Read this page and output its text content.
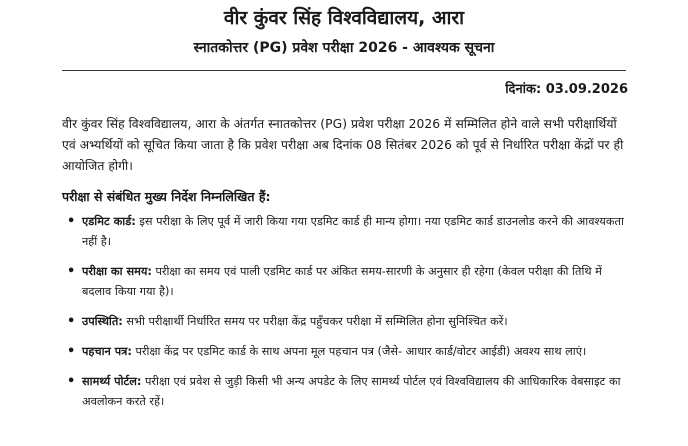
वीर कुंवर सिंह विश्वविद्यालय, आरा
स्नातकोत्तर (PG) प्रवेश परीक्षा 2026 - आवश्यक सूचना
दिनांक: 03.09.2026
वीर कुंवर सिंह विश्वविद्यालय, आरा के अंतर्गत स्नातकोत्तर (PG) प्रवेश परीक्षा 2026 में सम्मिलित होने वाले सभी परीक्षार्थियों एवं अभ्यर्थियों को सूचित किया जाता है कि प्रवेश परीक्षा अब दिनांक 08 सितंबर 2026 को पूर्व से निर्धारित परीक्षा केंद्रों पर ही आयोजित होगी।
परीक्षा से संबंधित मुख्य निर्देश निम्नलिखित हैं:
• एडमिट कार्ड: इस परीक्षा के लिए पूर्व में जारी किया गया एडमिट कार्ड ही मान्य होगा। नया एडमिट कार्ड डाउनलोड करने की आवश्यकता नहीं है।
• परीक्षा का समय: परीक्षा का समय एवं पाली एडमिट कार्ड पर अंकित समय-सारणी के अनुसार ही रहेगा (केवल परीक्षा की तिथि में बदलाव किया गया है)।
• उपस्थिति: सभी परीक्षार्थी निर्धारित समय पर परीक्षा केंद्र पहुँचकर परीक्षा में सम्मिलित होना सुनिश्चित करें।
• पहचान पत्र: परीक्षा केंद्र पर एडमिट कार्ड के साथ अपना मूल पहचान पत्र (जैसे- आधार कार्ड/वोटर आईडी) अवश्य साथ लाएं।
• सामर्थ्य पोर्टल: परीक्षा एवं प्रवेश से जुड़ी किसी भी अन्य अपडेट के लिए सामर्थ्य पोर्टल एवं विश्वविद्यालय की आधिकारिक वेबसाइट का अवलोकन करते रहें।
